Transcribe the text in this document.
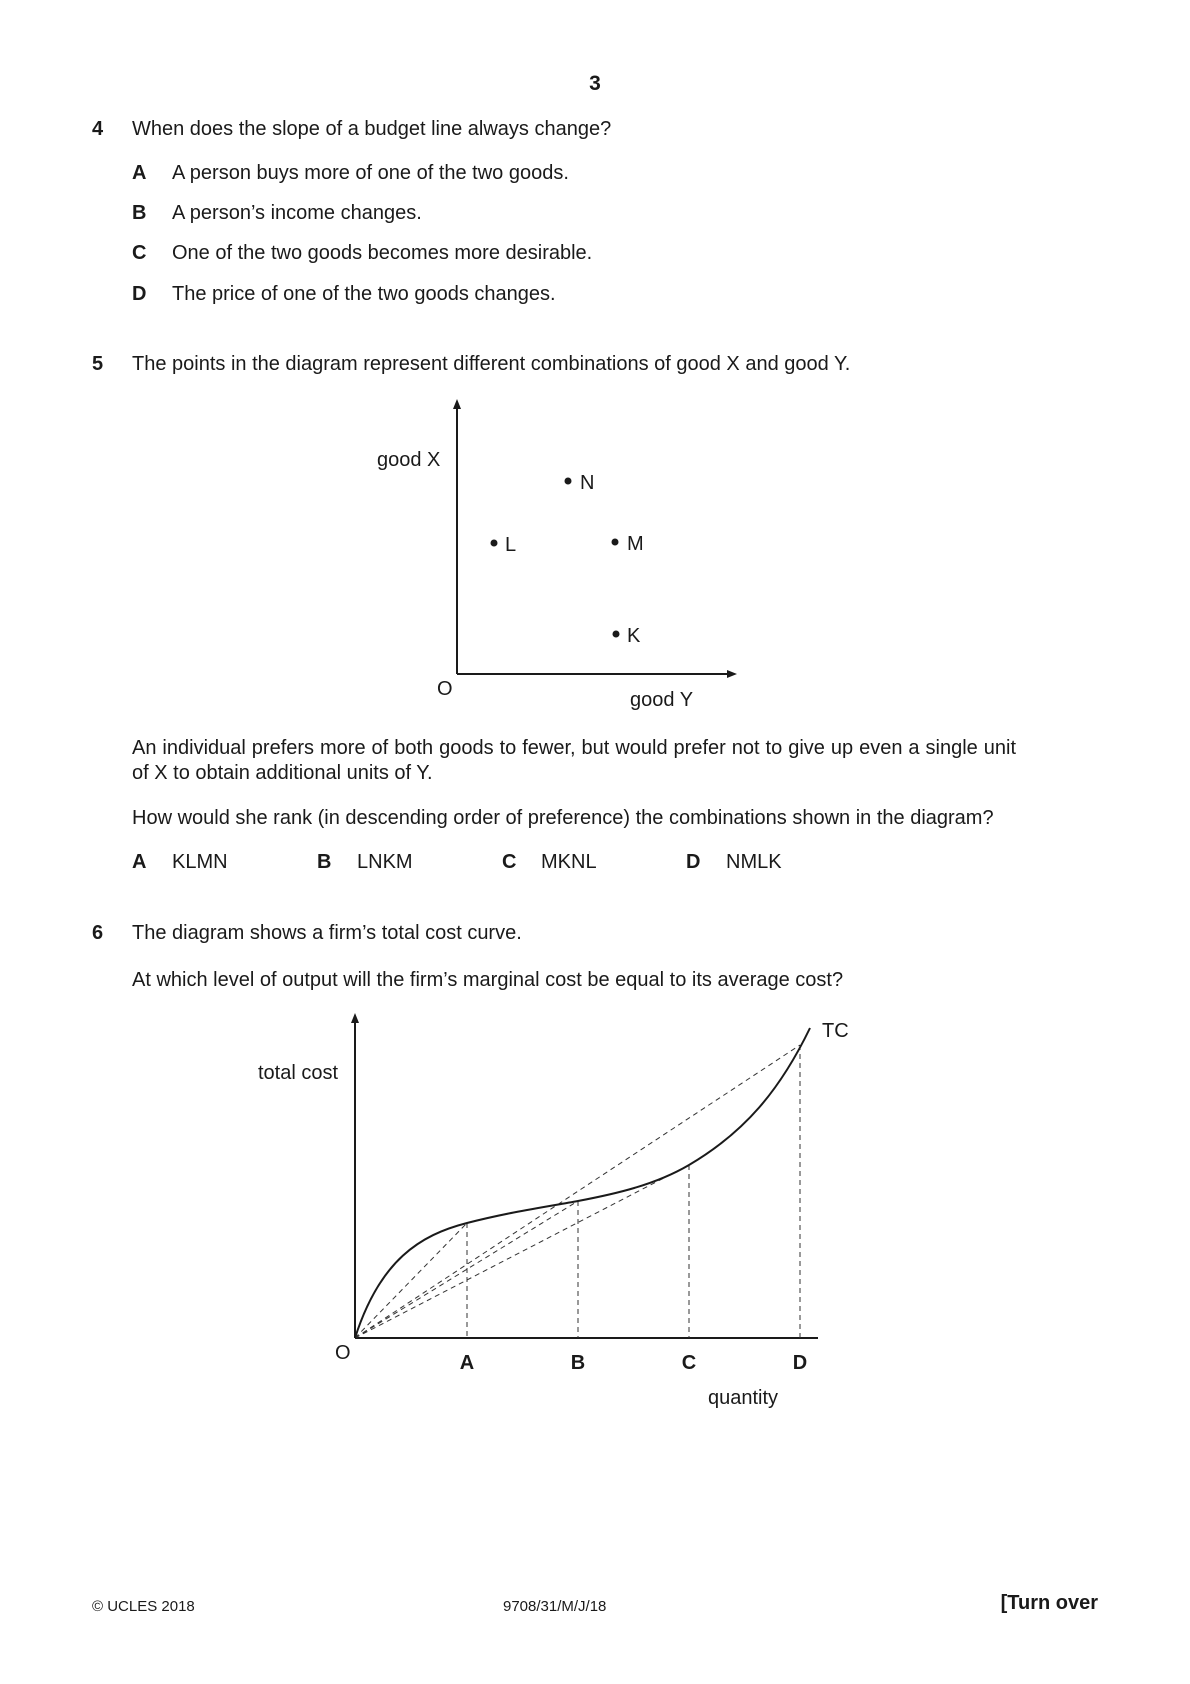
3
4 When does the slope of a budget line always change?
A A person buys more of one of the two goods.
B A person’s income changes.
C One of the two goods becomes more desirable.
D The price of one of the two goods changes.
5 The points in the diagram represent different combinations of good X and good Y.
good X
good Y
O
N
L	M
K
An individual prefers more of both goods to fewer, but would prefer not to give up even a single unit of X to obtain additional units of Y.
How would she rank (in descending order of preference) the combinations shown in the diagram?
A KLMN	B LNKM	C MKNL	D NMLK
6 The diagram shows a firm’s total cost curve.
At which level of output will the firm’s marginal cost be equal to its average cost?
TC
total cost
quantity
O	A	B	C	D
© UCLES 2018	9708/31/M/J/18	[Turn over
